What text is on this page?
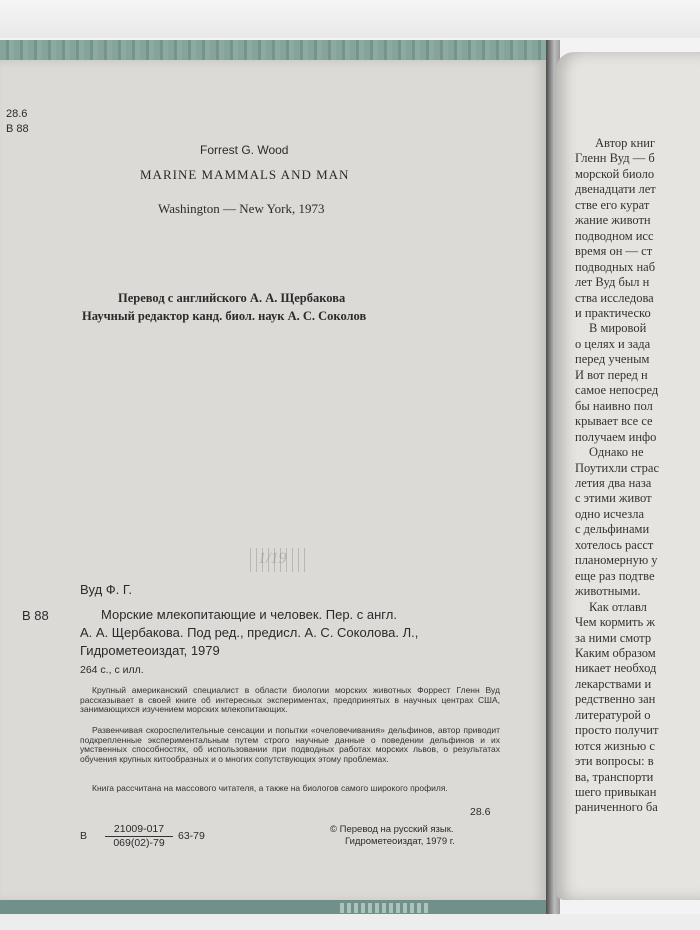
28.6
В 88
Forrest G. Wood
MARINE MAMMALS AND MAN
Washington — New York, 1973
Перевод с английского А. А. Щербакова
Научный редактор канд. биол. наук А. С. Соколов
1/19
Вуд Ф. Г.
В 88	Морские млекопитающие и человек. Пер. с англ.
А. А. Щербакова. Под ред., предисл. А. С. Соколова. Л.,
Гидрометеоиздат, 1979
264 с., с илл.
Крупный американский специалист в области биологии морских животных Форрест Гленн Вуд рассказывает в своей книге об интересных экспериментах, предпринятых в научных центрах США, занимающихся изучением морских млекопитающих.
Развенчивая скороспелительные сенсации и попытки «очеловечивания» дельфинов, автор приводит подкрепленные экспериментальным путем строго научные данные о поведении дельфинов и их умственных способностях, об использовании при подводных работах морских львов, о результатах обучения крупных китообразных и о многих сопутствующих этому проблемах.
Книга рассчитана на массового читателя, а также на биологов самого широкого профиля.
28.6
В $\frac{21009-017}{069(02)-79} 63-79$
© Перевод на русский язык.
Гидрометеоиздат, 1979 г.
Автор книг
Гленн Вуд — б
морской биоло
двенадцати лет
стве его курат
жание животн
подводном исс
время он — ст
подводных наб
лет Вуд был н
ства исследова
и практическо
В мировой
о целях и зада
перед ученым
И вот перед н
самое непосред
бы наивно пол
крывает все се
получаем инфо
Однако не
Поутихли страс
летия два наза
с этими живот
одно исчезла
с дельфинами
хотелось расст
планомерную у
еще раз подтве
животными.
Как отлавл
Чем кормить ж
за ними смотр
Каким образом
никает необход
лекарствами и
редственно зан
литературой о
просто получит
ются жизнью с
эти вопросы: в
ва, транспорти
шего привыкан
раниченного ба
